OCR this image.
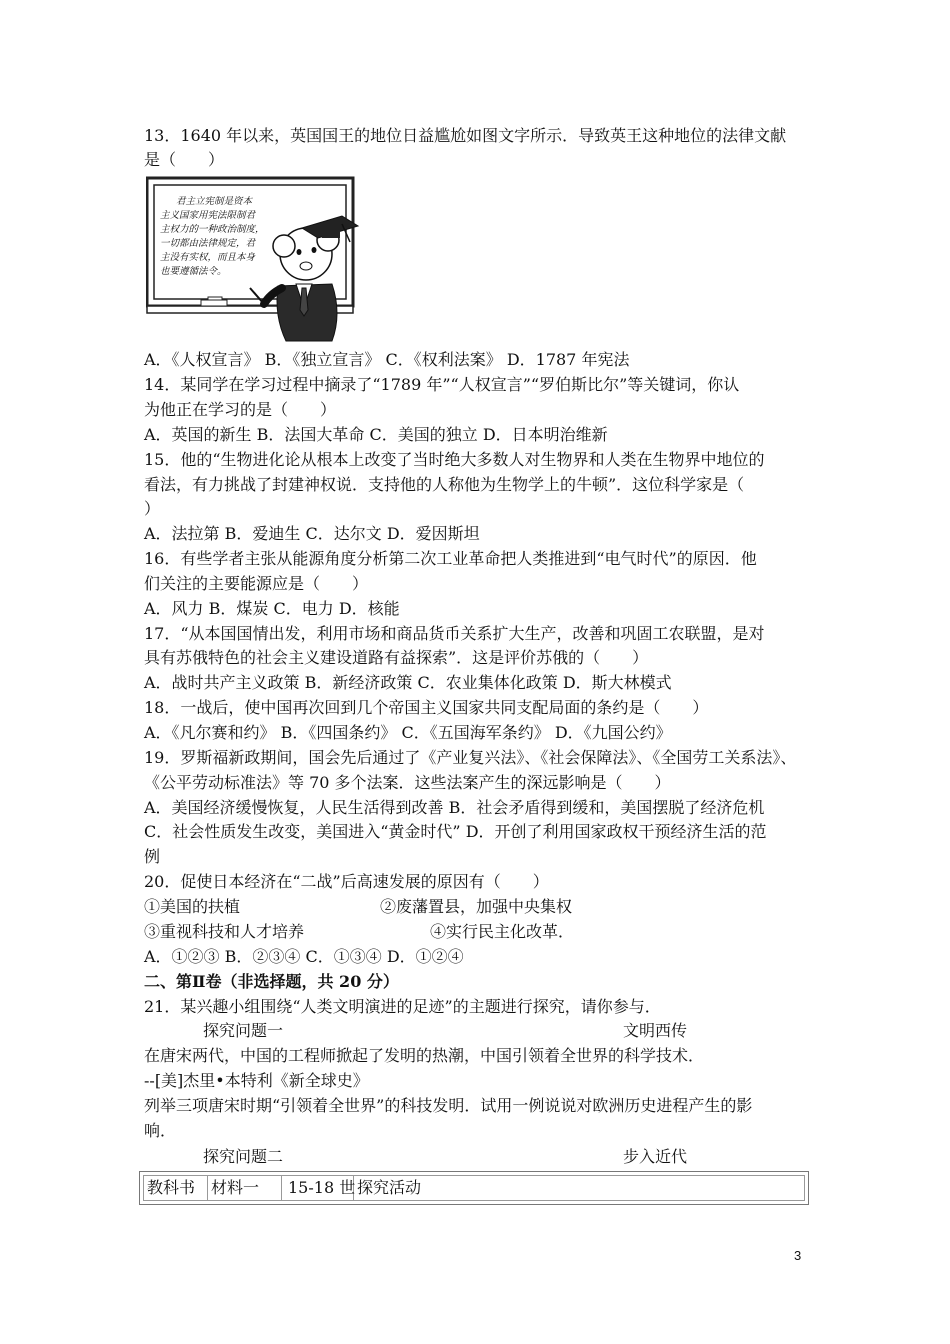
13．1640 年以来，英国国王的地位日益尴尬如图文字所示．导致英王这种地位的法律文献
是（　　）
君主立宪制是资本
主义国家用宪法限制君
主权力的一种政治制度，
一切都由法律规定，君
主没有实权，而且本身
也要遵循法令。
A．《人权宣言》 B．《独立宣言》 C．《权利法案》 D．1787 年宪法
14．某同学在学习过程中摘录了“1789 年”“人权宣言”“罗伯斯比尔”等关键词，你认
为他正在学习的是（　　）
A．英国的新生 B．法国大革命 C．美国的独立 D．日本明治维新
15．他的“生物进化论从根本上改变了当时绝大多数人对生物界和人类在生物界中地位的
看法，有力挑战了封建神权说．支持他的人称他为生物学上的牛顿”．这位科学家是（
）
A．法拉第 B．爱迪生 C．达尔文 D．爱因斯坦
16．有些学者主张从能源角度分析第二次工业革命把人类推进到“电气时代”的原因．他
们关注的主要能源应是（　　）
A．风力 B．煤炭 C．电力 D．核能
17．“从本国国情出发，利用市场和商品货币关系扩大生产，改善和巩固工农联盟，是对
具有苏俄特色的社会主义建设道路有益探索”．这是评价苏俄的（　　）
A．战时共产主义政策 B．新经济政策 C．农业集体化政策 D．斯大林模式
18．一战后，使中国再次回到几个帝国主义国家共同支配局面的条约是（　　）
A．《凡尔赛和约》 B．《四国条约》 C．《五国海军条约》 D．《九国公约》
19．罗斯福新政期间，国会先后通过了《产业复兴法》、《社会保障法》、《全国劳工关系法》、
《公平劳动标准法》等 70 多个法案．这些法案产生的深远影响是（　　）
A．美国经济缓慢恢复，人民生活得到改善 B．社会矛盾得到缓和，美国摆脱了经济危机
C．社会性质发生改变，美国进入“黄金时代” D．开创了利用国家政权干预经济生活的范
例
20．促使日本经济在“二战”后高速发展的原因有（　　）
①美国的扶植	②废藩置县，加强中央集权
③重视科技和人才培养	④实行民主化改革．
A．①②③ B．②③④ C．①③④ D．①②④
二、第Ⅱ卷（非选择题，共 20 分）
21．某兴趣小组围绕“人类文明演进的足迹”的主题进行探究，请你参与．
探究问题一	文明西传
在唐宋两代，中国的工程师掀起了发明的热潮，中国引领着全世界的科学技术．
--[美]杰里•本特利《新全球史》
列举三项唐宋时期“引领着全世界”的科技发明．试用一例说说对欧洲历史进程产生的影
响．
探究问题二	步入近代
教科书 材料一	15-18 世 探究活动
3
